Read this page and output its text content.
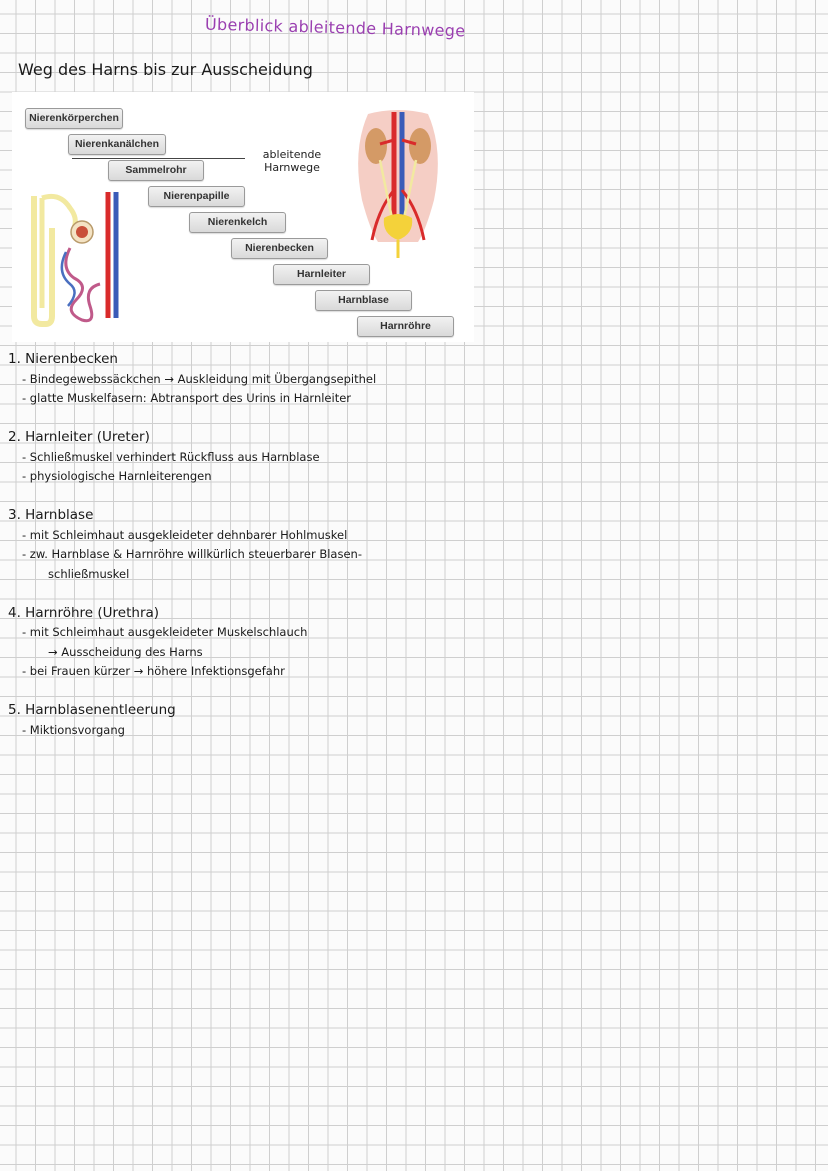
Überblick ableitende Harnwege
Weg des Harns bis zur Ausscheidung
Nierenkörperchen
Nierenkanälchen
Sammelrohr
Nierenpapille
Nierenkelch
Nierenbecken
Harnleiter
Harnblase
Harnröhre
ableitende
Harnwege
1. Nierenbecken
- Bindegewebssäckchen → Auskleidung mit Übergangsepithel
- glatte Muskelfasern: Abtransport des Urins in Harnleiter
2. Harnleiter (Ureter)
- Schließmuskel verhindert Rückfluss aus Harnblase
- physiologische Harnleiterengen
3. Harnblase
- mit Schleimhaut ausgekleideter dehnbarer Hohlmuskel
- zw. Harnblase & Harnröhre willkürlich steuerbarer Blasen-
schließmuskel
4. Harnröhre (Urethra)
- mit Schleimhaut ausgekleideter Muskelschlauch
→ Ausscheidung des Harns
- bei Frauen kürzer → höhere Infektionsgefahr
5. Harnblasenentleerung
- Miktionsvorgang
